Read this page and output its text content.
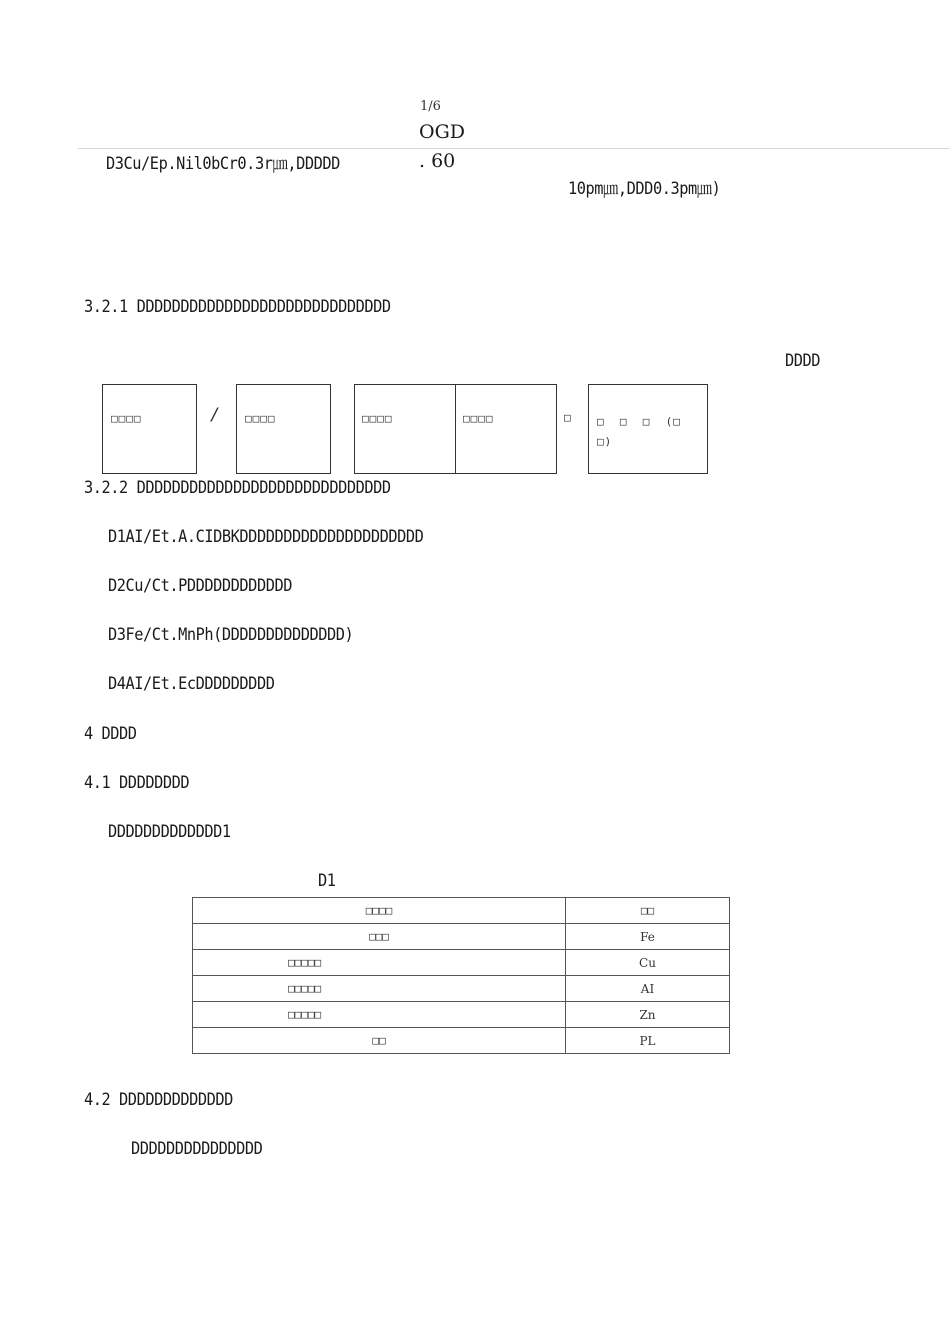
1/6
OGD
D3Cu/Ep.Nil0bCr0.3r㎛,DDDDD	. 60
10pm㎛,DDD0.3pm㎛)
3.2.1 DDDDDDDDDDDDDDDDDDDDDDDDDDDDD
DDDD
□□□□	/ □□□□	□□□□	□□□□	□ □  □  □  (□
□)
3.2.2 DDDDDDDDDDDDDDDDDDDDDDDDDDDDD
D1AI/Et.A.CIDBKDDDDDDDDDDDDDDDDDDDDD
D2Cu/Ct.PDDDDDDDDDDDD
D3Fe/Ct.MnPh(DDDDDDDDDDDDDD)
D4AI/Et.EcDDDDDDDDD
4 DDDD
4.1 DDDDDDDD
DDDDDDDDDDDDD1
D1
□□□□	□□
□□□	Fe
□□□□□	Cu
□□□□□	AI
□□□□□	Zn
□□	PL
4.2 DDDDDDDDDDDDD
DDDDDDDDDDDDDDD
